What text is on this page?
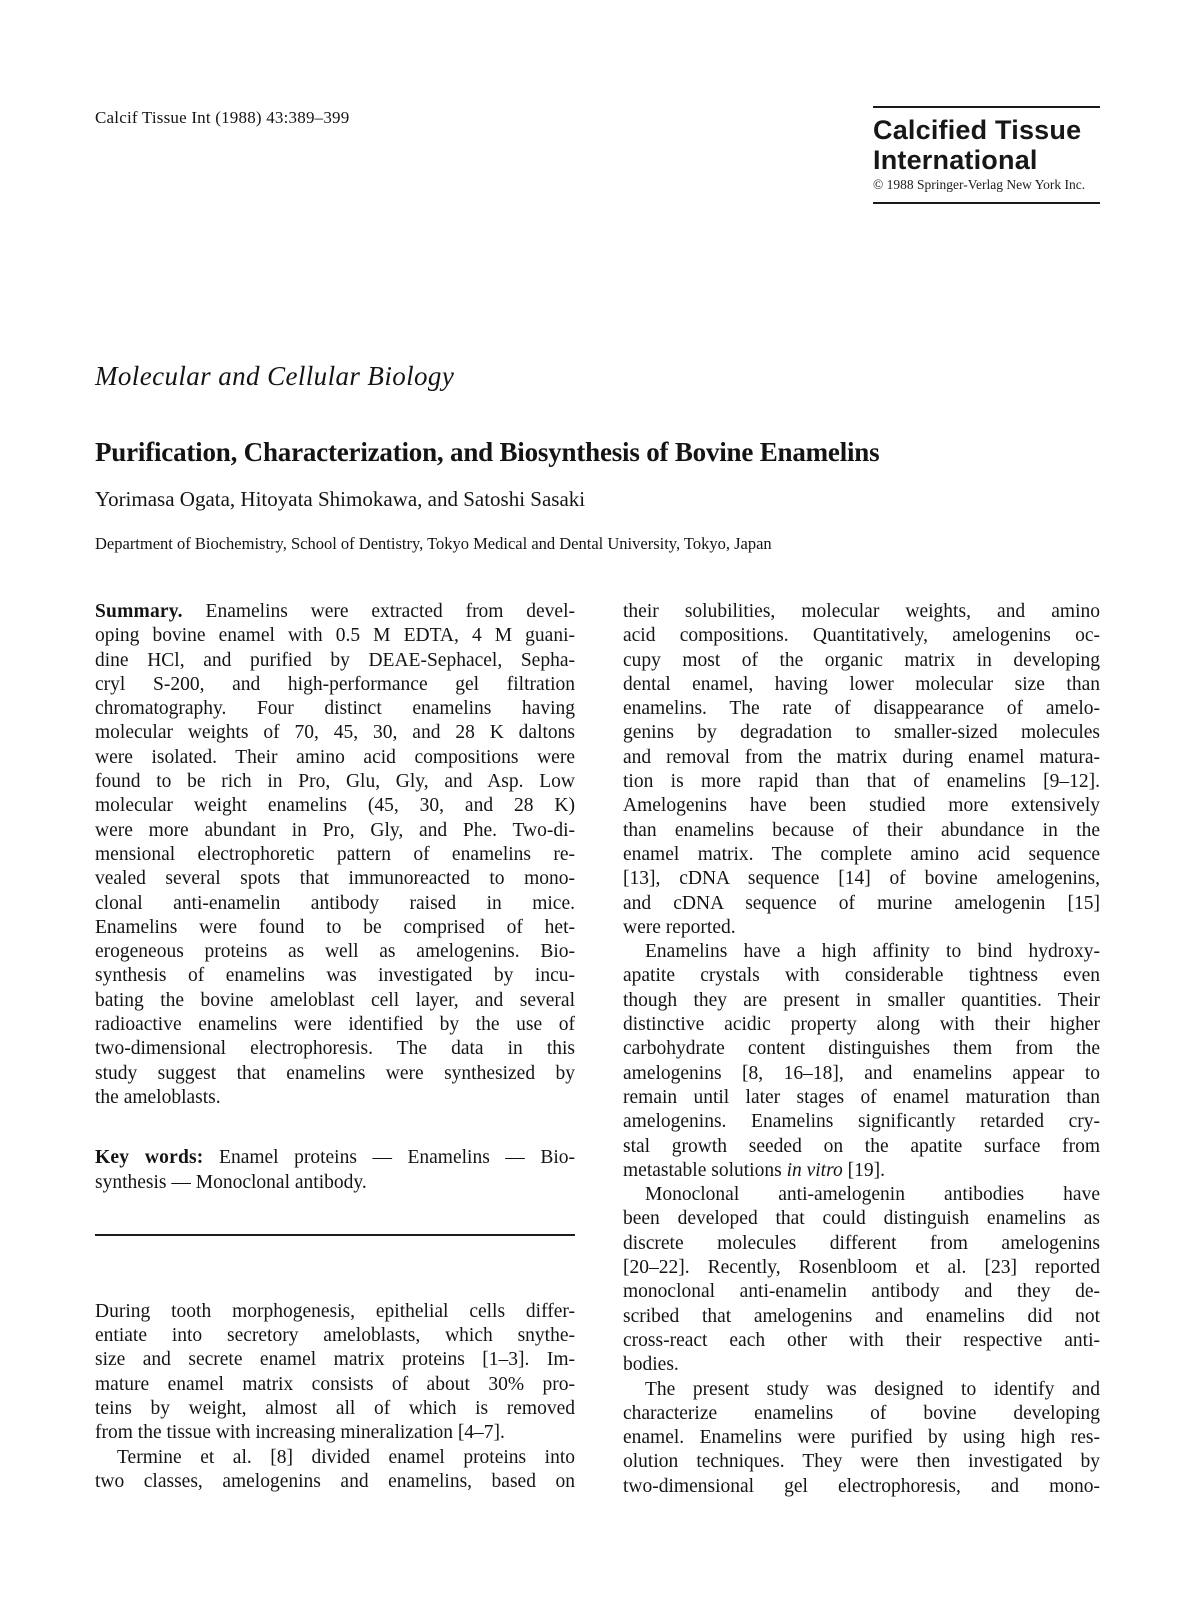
Calcif Tissue Int (1988) 43:389–399	Calcified Tissue
International
© 1988 Springer-Verlag New York Inc.
Molecular and Cellular Biology
Purification, Characterization, and Biosynthesis of Bovine Enamelins
Yorimasa Ogata, Hitoyata Shimokawa, and Satoshi Sasaki
Department of Biochemistry, School of Dentistry, Tokyo Medical and Dental University, Tokyo, Japan
Summary. Enamelins were extracted from devel-
oping bovine enamel with 0.5 M EDTA, 4 M guani-
dine HCl, and purified by DEAE-Sephacel, Sepha-
cryl S-200, and high-performance gel filtration
chromatography. Four distinct enamelins having
molecular weights of 70, 45, 30, and 28 K daltons
were isolated. Their amino acid compositions were
found to be rich in Pro, Glu, Gly, and Asp. Low
molecular weight enamelins (45, 30, and 28 K)
were more abundant in Pro, Gly, and Phe. Two-di-
mensional electrophoretic pattern of enamelins re-
vealed several spots that immunoreacted to mono-
clonal anti-enamelin antibody raised in mice.
Enamelins were found to be comprised of het-
erogeneous proteins as well as amelogenins. Bio-
synthesis of enamelins was investigated by incu-
bating the bovine ameloblast cell layer, and several
radioactive enamelins were identified by the use of
two-dimensional electrophoresis. The data in this
study suggest that enamelins were synthesized by
the ameloblasts.
Key words: Enamel proteins — Enamelins — Bio-
synthesis — Monoclonal antibody.
During tooth morphogenesis, epithelial cells differ-
entiate into secretory ameloblasts, which snythe-
size and secrete enamel matrix proteins [1–3]. Im-
mature enamel matrix consists of about 30% pro-
teins by weight, almost all of which is removed
from the tissue with increasing mineralization [4–7].
Termine et al. [8] divided enamel proteins into
two classes, amelogenins and enamelins, based on
their solubilities, molecular weights, and amino
acid compositions. Quantitatively, amelogenins oc-
cupy most of the organic matrix in developing
dental enamel, having lower molecular size than
enamelins. The rate of disappearance of amelo-
genins by degradation to smaller-sized molecules
and removal from the matrix during enamel matura-
tion is more rapid than that of enamelins [9–12].
Amelogenins have been studied more extensively
than enamelins because of their abundance in the
enamel matrix. The complete amino acid sequence
[13], cDNA sequence [14] of bovine amelogenins,
and cDNA sequence of murine amelogenin [15]
were reported.
Enamelins have a high affinity to bind hydroxy-
apatite crystals with considerable tightness even
though they are present in smaller quantities. Their
distinctive acidic property along with their higher
carbohydrate content distinguishes them from the
amelogenins [8, 16–18], and enamelins appear to
remain until later stages of enamel maturation than
amelogenins. Enamelins significantly retarded cry-
stal growth seeded on the apatite surface from
metastable solutions in vitro [19].
Monoclonal anti-amelogenin antibodies have
been developed that could distinguish enamelins as
discrete molecules different from amelogenins
[20–22]. Recently, Rosenbloom et al. [23] reported
monoclonal anti-enamelin antibody and they de-
scribed that amelogenins and enamelins did not
cross-react each other with their respective anti-
bodies.
The present study was designed to identify and
characterize enamelins of bovine developing
enamel. Enamelins were purified by using high res-
olution techniques. They were then investigated by
two-dimensional gel electrophoresis, and mono-
